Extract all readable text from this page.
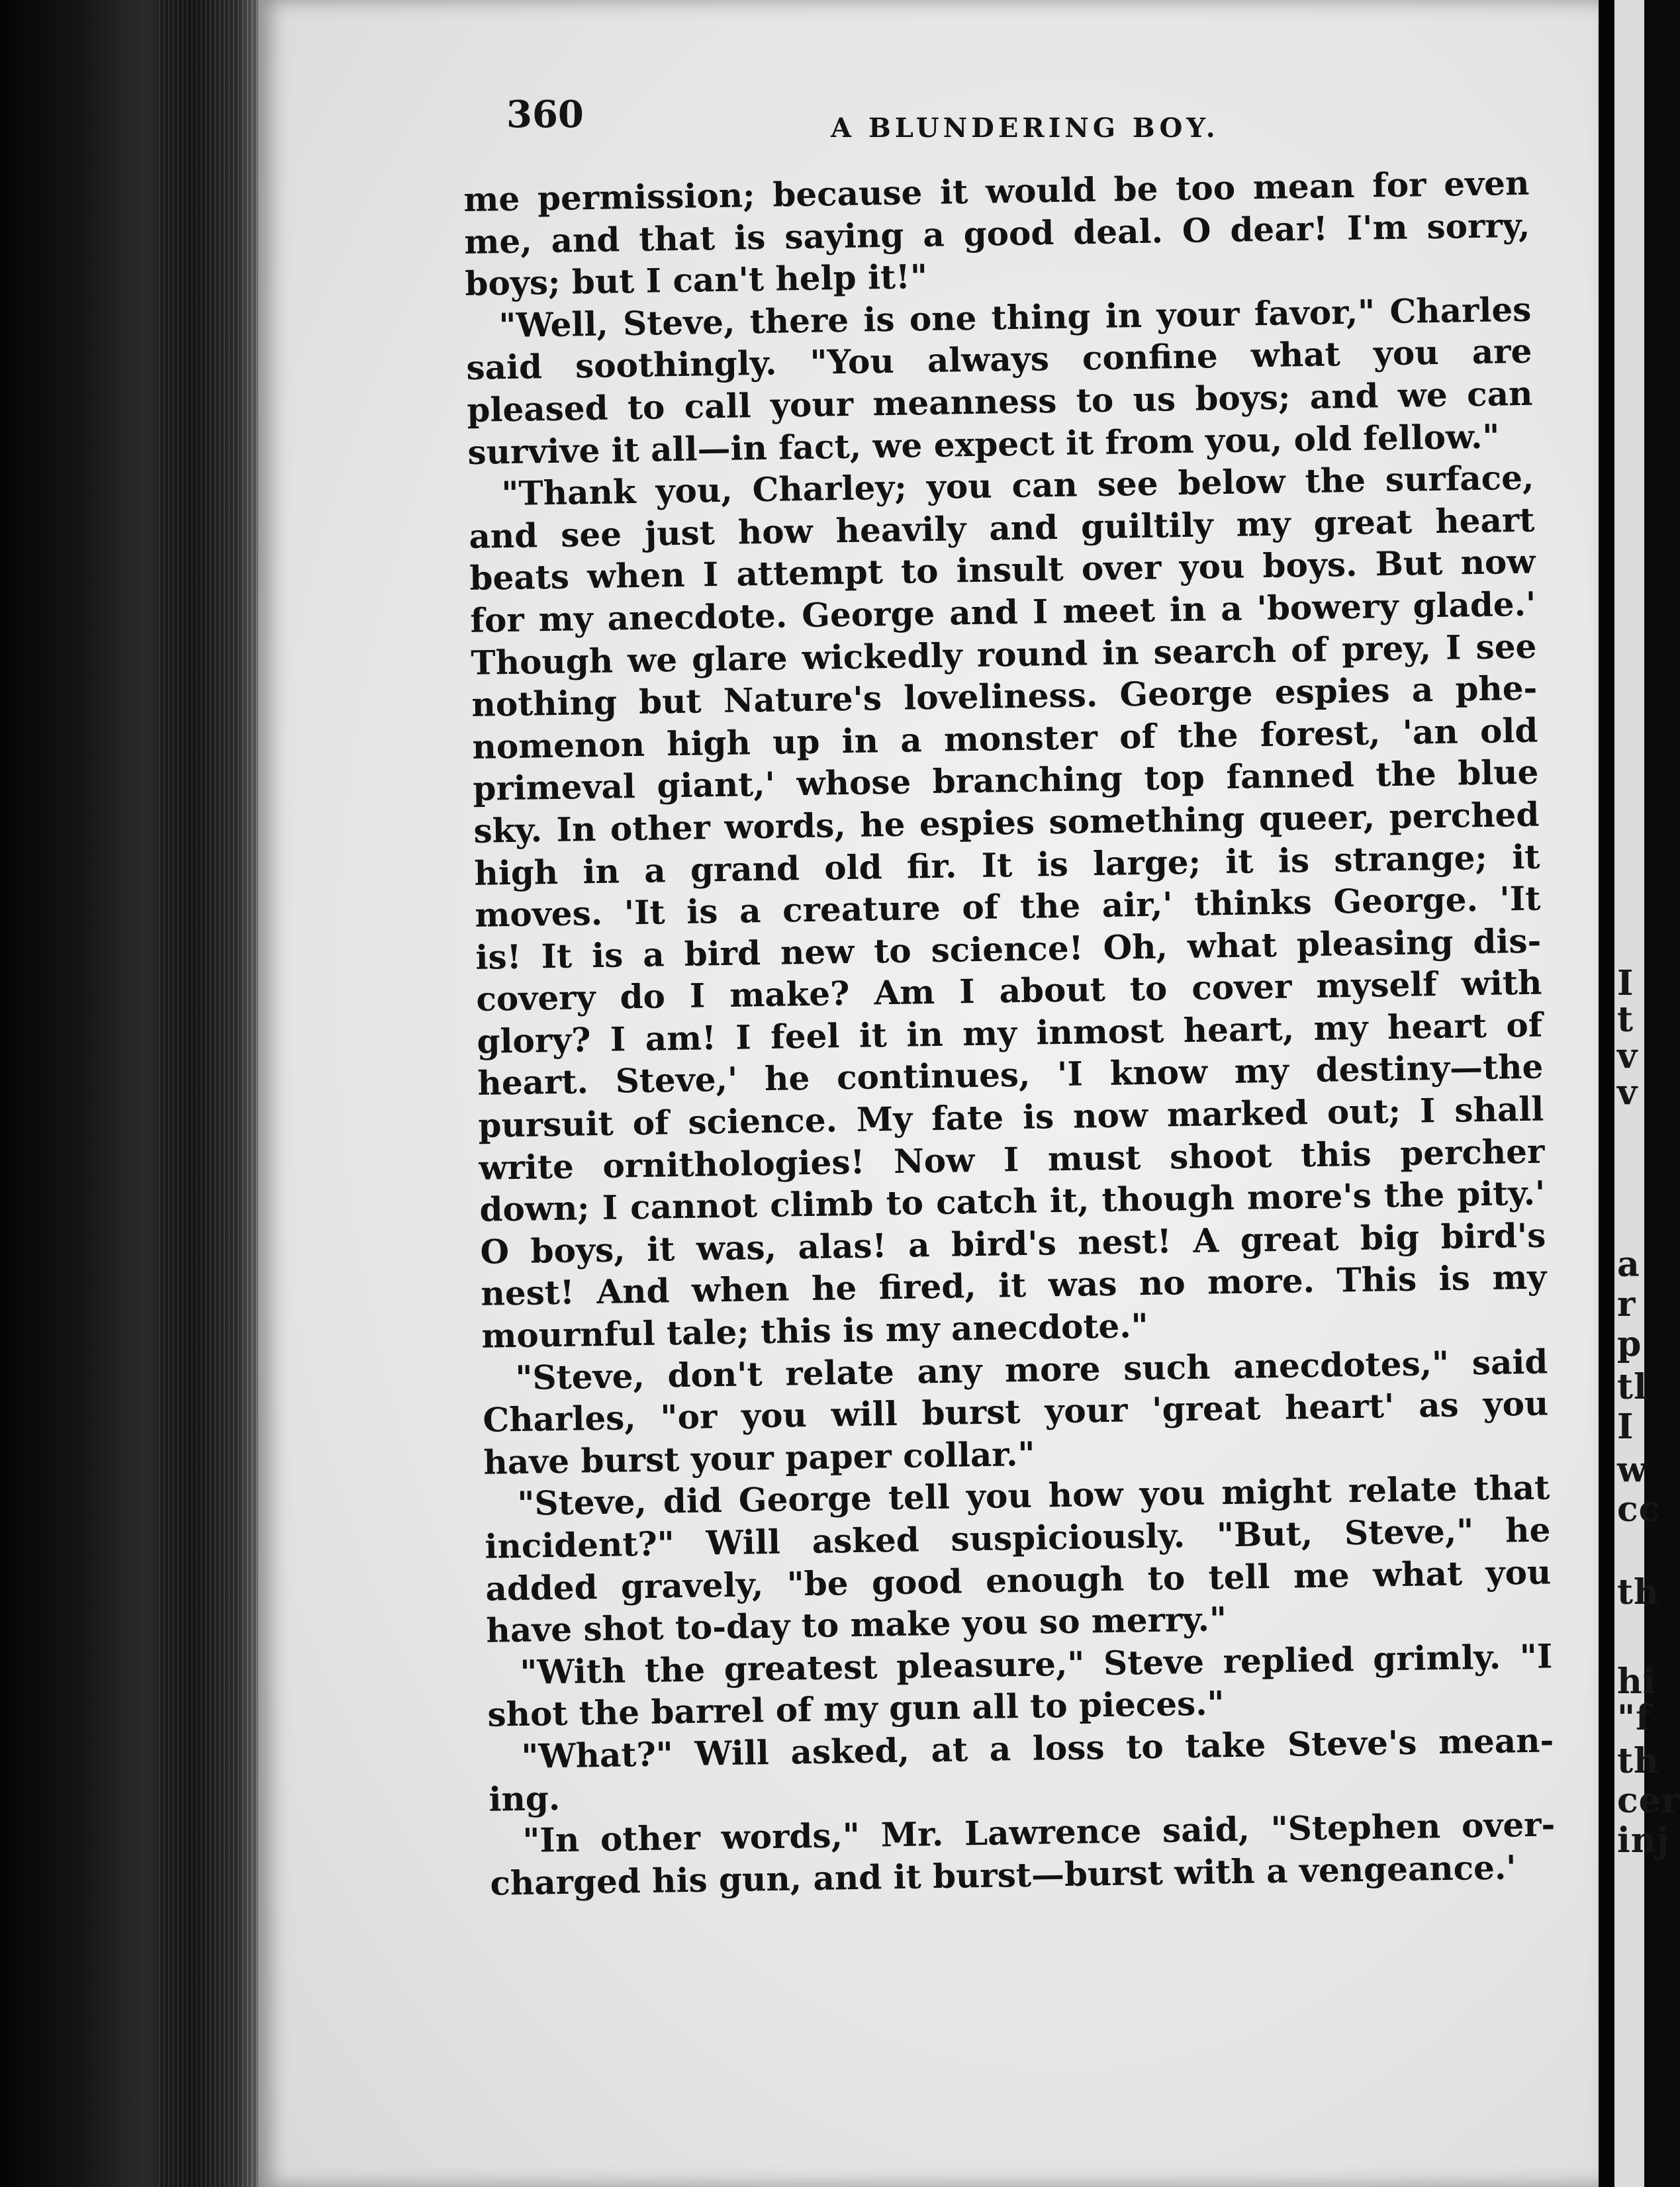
360	A BLUNDERING BOY.
me permission; because it would be too mean for even
me, and that is saying a good deal. O dear! I'm sorry,
boys; but I can't help it!"
"Well, Steve, there is one thing in your favor," Charles
said soothingly. "You always confine what you are
pleased to call your meanness to us boys; and we can
survive it all—in fact, we expect it from you, old fellow."
"Thank you, Charley; you can see below the surface,
and see just how heavily and guiltily my great heart
beats when I attempt to insult over you boys. But now
for my anecdote. George and I meet in a 'bowery glade.'
Though we glare wickedly round in search of prey, I see
nothing but Nature's loveliness. George espies a phe-
nomenon high up in a monster of the forest, 'an old
primeval giant,' whose branching top fanned the blue
sky. In other words, he espies something queer, perched
high in a grand old fir. It is large; it is strange; it
moves. 'It is a creature of the air,' thinks George. 'It
is! It is a bird new to science! Oh, what pleasing dis-
covery do I make? Am I about to cover myself with
glory? I am! I feel it in my inmost heart, my heart of
heart. Steve,' he continues, 'I know my destiny—the
pursuit of science. My fate is now marked out; I shall
write ornithologies! Now I must shoot this percher
down; I cannot climb to catch it, though more's the pity.'
O boys, it was, alas! a bird's nest! A great big bird's
nest! And when he fired, it was no more. This is my
mournful tale; this is my anecdote."
"Steve, don't relate any more such anecdotes," said
Charles, "or you will burst your 'great heart' as you
have burst your paper collar."
"Steve, did George tell you how you might relate that
incident?" Will asked suspiciously. "But, Steve," he
added gravely, "be good enough to tell me what you
have shot to-day to make you so merry."
"With the greatest pleasure," Steve replied grimly. "I
shot the barrel of my gun all to pieces."
"What?" Will asked, at a loss to take Steve's mean-
ing.
"In other words," Mr. Lawrence said, "Stephen over-
charged his gun, and it burst—burst with a vengeance.'
I
t
v
v
a
r
p
tl
I
w
cc
th
hi
"f
th
cer
inj
